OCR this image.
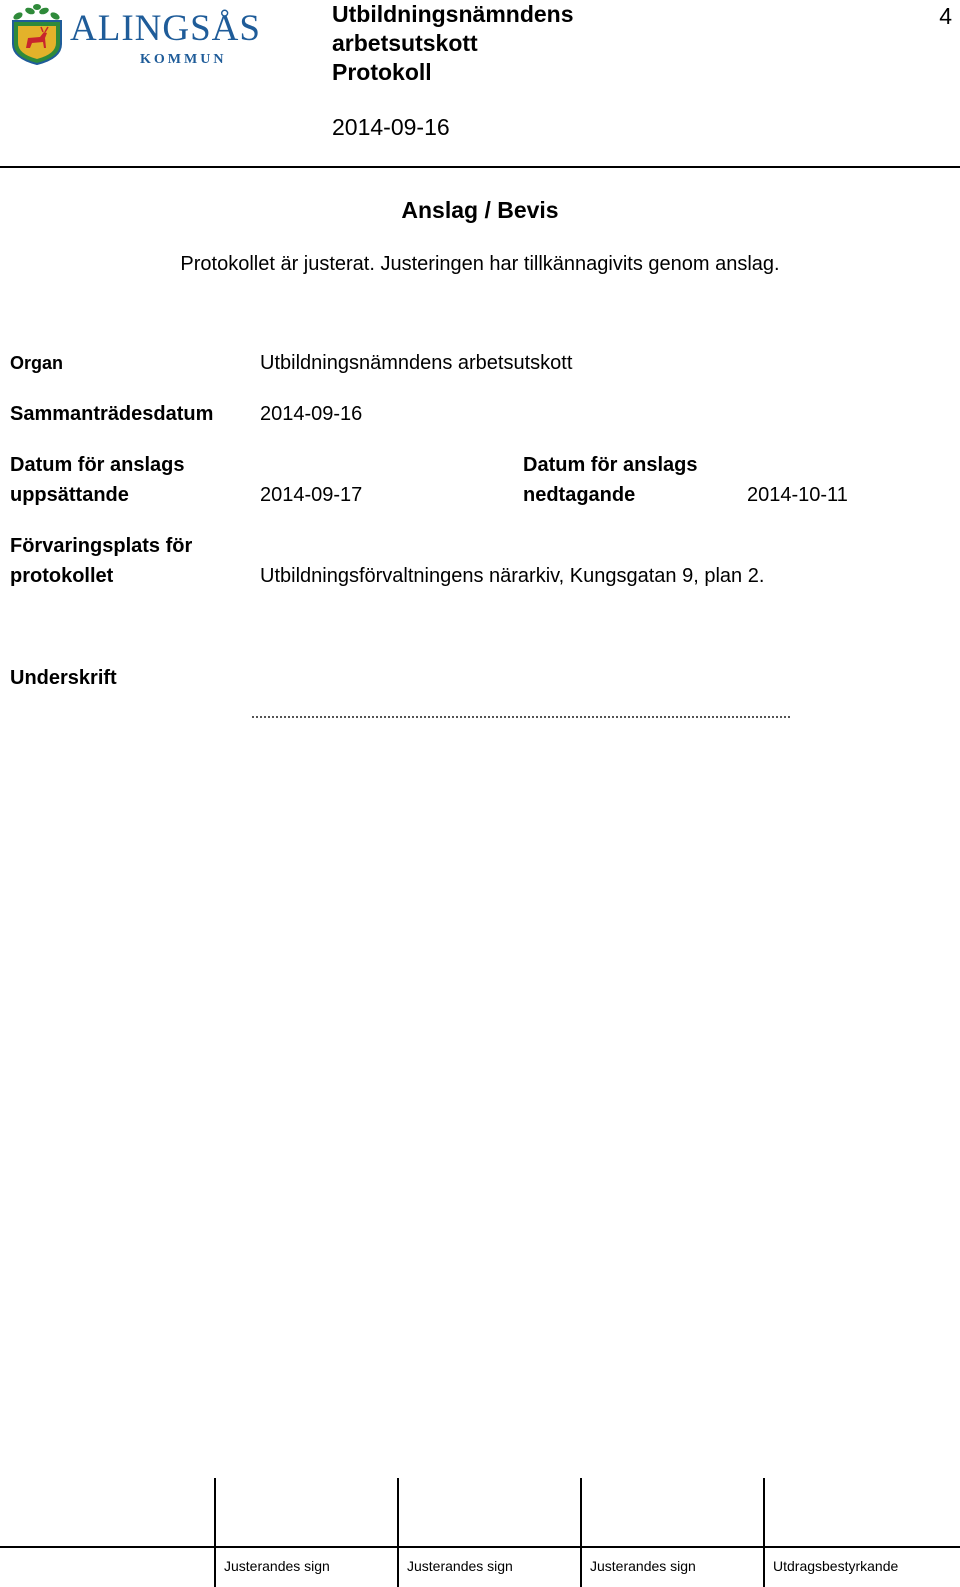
ALINGSÅS
KOMMUN
Utbildningsnämndens
arbetsutskott
Protokoll
2014-09-16
4
Anslag / Bevis
Protokollet är justerat. Justeringen har tillkännagivits genom anslag.
Organ	Utbildningsnämndens arbetsutskott
Sammanträdesdatum 2014-09-16
Datum för anslags
uppsättande	2014-09-17
Datum för anslags
nedtagande	2014-10-11
Förvaringsplats för
protokollet	Utbildningsförvaltningens närarkiv, Kungsgatan 9, plan 2.
Underskrift
Justerandes sign	Justerandes sign	Justerandes sign	Utdragsbestyrkande
